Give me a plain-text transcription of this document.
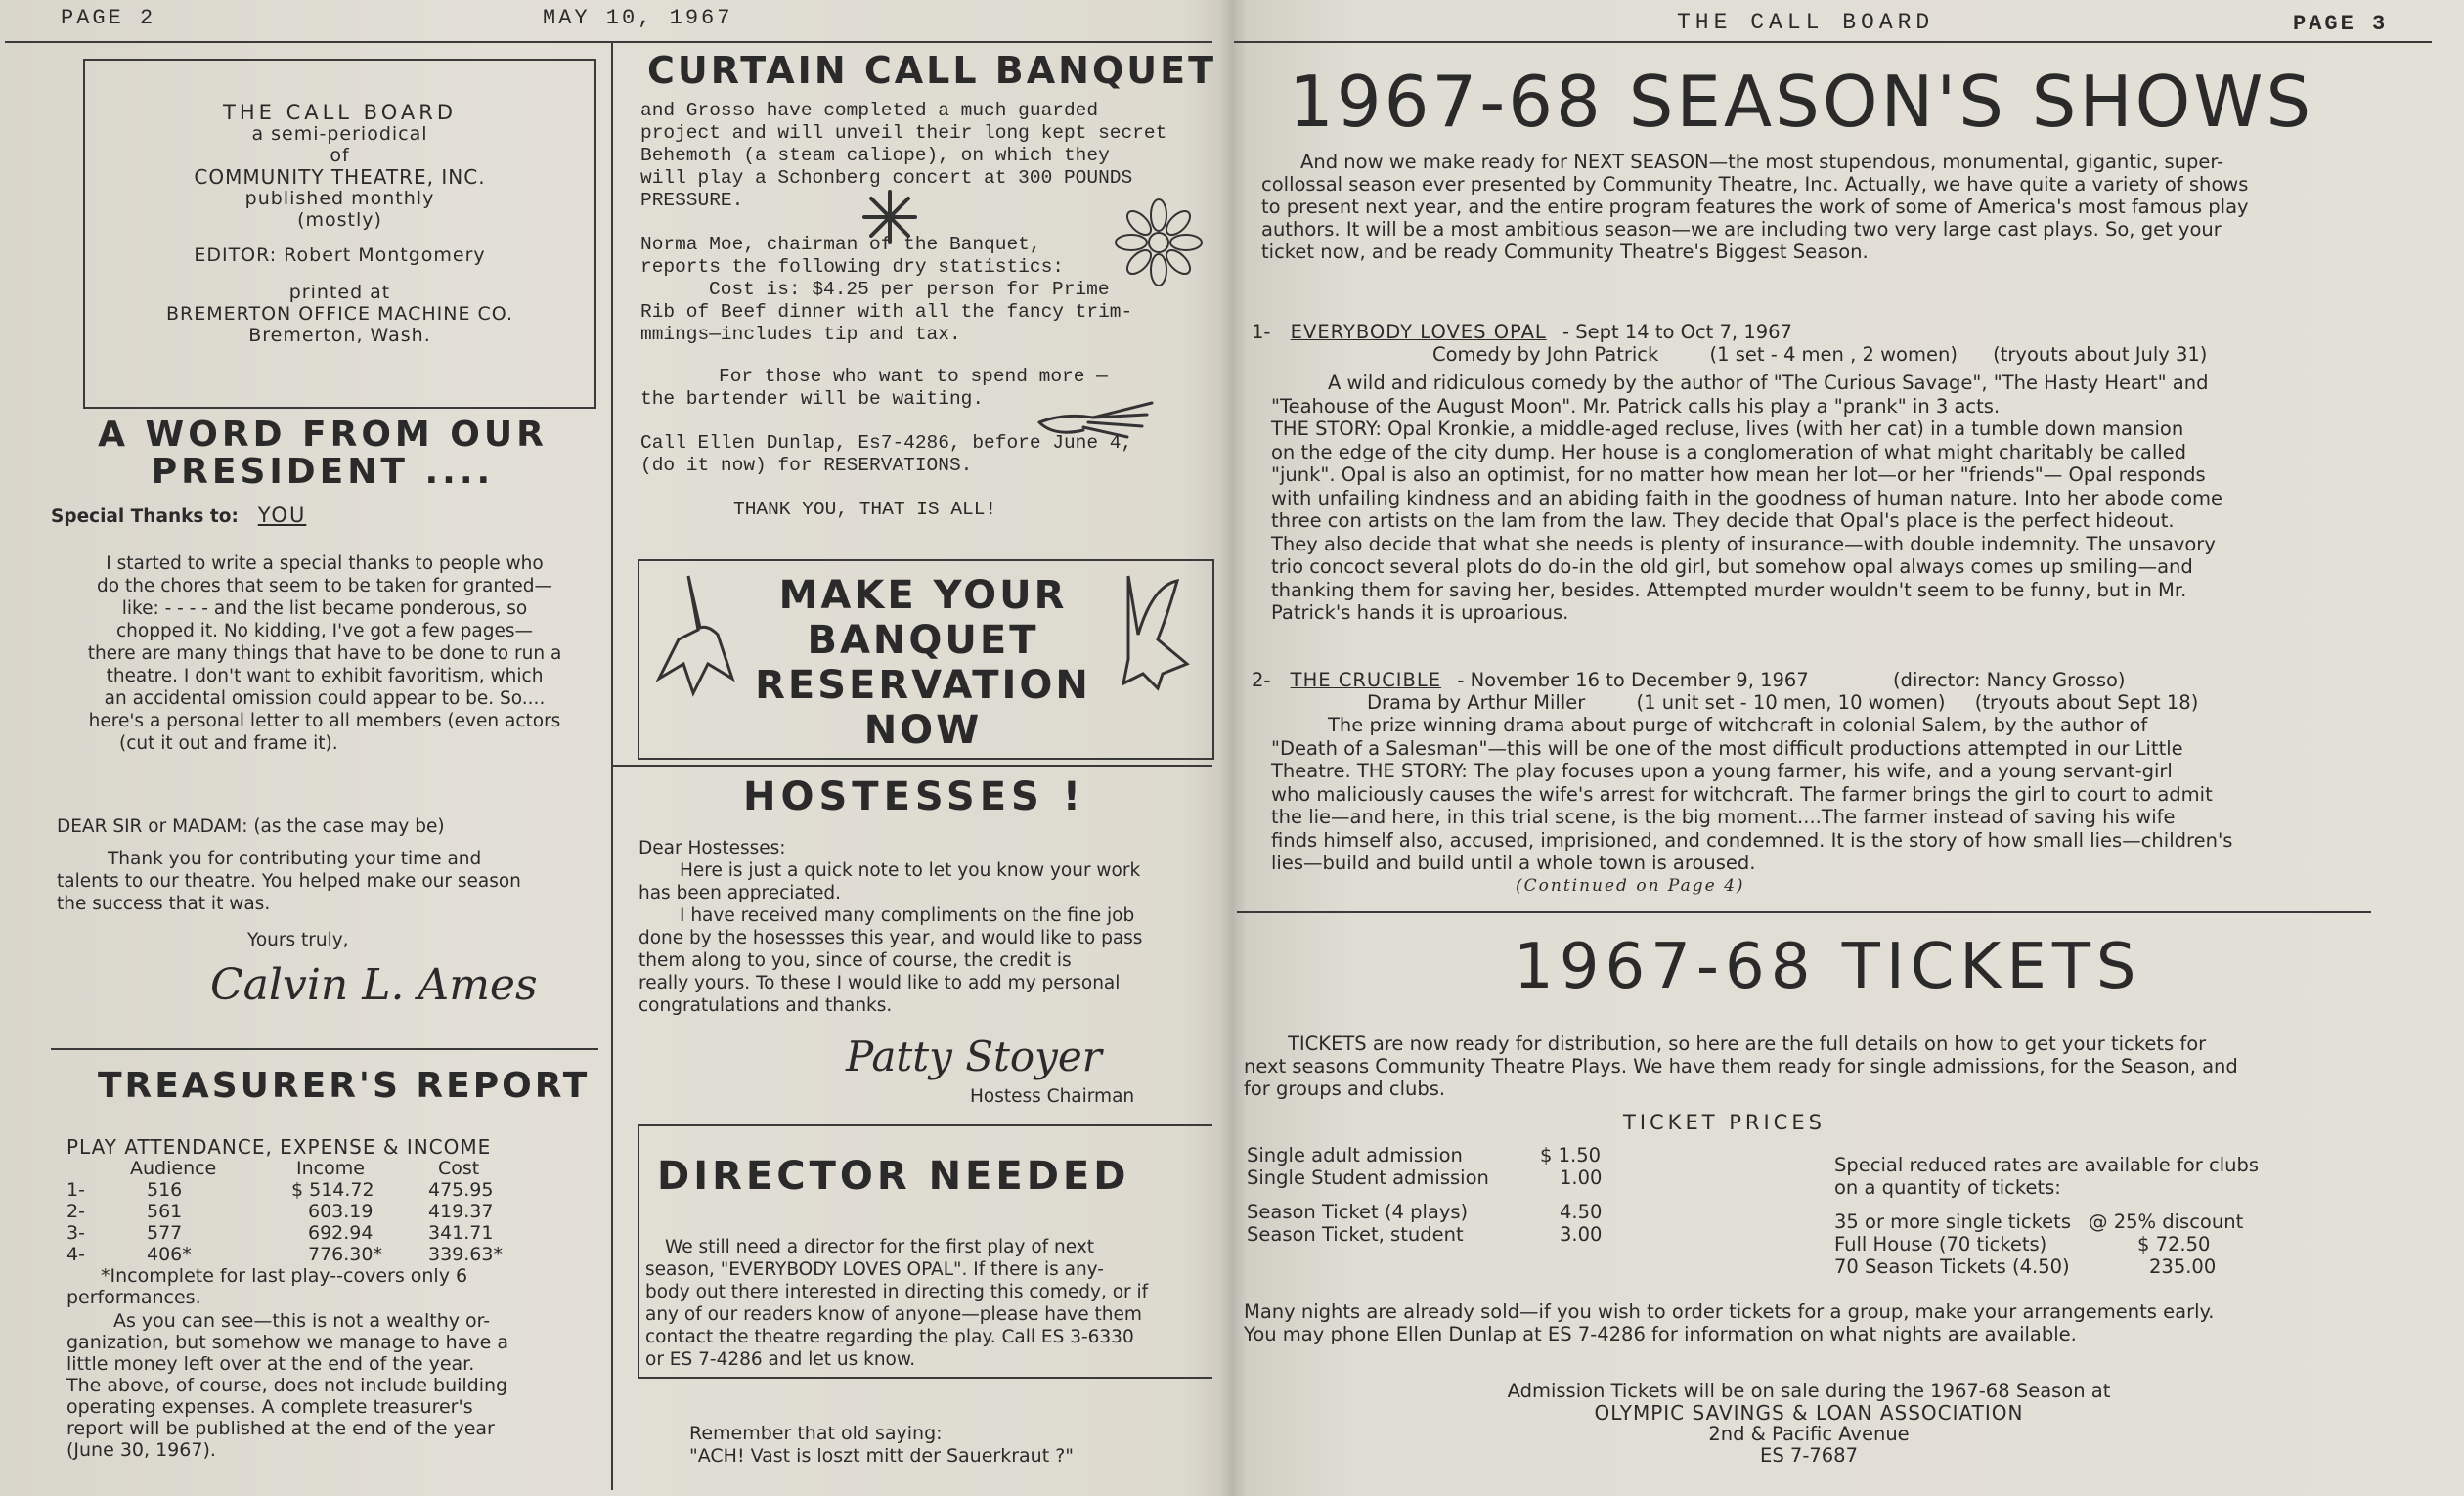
PAGE 2	MAY 10, 1967	THE CALL BOARD	PAGE 3

THE CALL BOARD

a semi-periodical

of

COMMUNITY THEATRE, INC.

published monthly

(mostly)

EDITOR: Robert Montgomery

printed at

BREMERTON OFFICE MACHINE CO.

Bremerton, Wash.

A WORD FROM OUR

PRESIDENT ....

Special Thanks to: YOU

I started to write a special thanks to people who

do the chores that seem to be taken for granted—

like: - - - - and the list became ponderous, so

chopped it. No kidding, I've got a few pages—

there are many things that have to be done to run a

theatre. I don't want to exhibit favoritism, which

an accidental omission could appear to be. So....

here's a personal letter to all members (even actors

(cut it out and frame it).

DEAR SIR or MADAM: (as the case may be)

Thank you for contributing your time and

talents to our theatre. You helped make our season

the success that it was.

Yours truly,

Calvin L. Ames
TREASURER'S REPORT

PLAY ATTENDANCE, EXPENSE & INCOME

Audience	Income	Cost
1-	516	$ 514.72	475.95
2-	561	603.19	419.37
3-	577	692.94	341.71
4-	406*	776.30*	339.63*

*Incomplete for last play--covers only 6

performances.

As you can see—this is not a wealthy or-

ganization, but somehow we manage to have a

little money left over at the end of the year.

The above, of course, does not include building

operating expenses. A complete treasurer's

report will be published at the end of the year

(June 30, 1967).

CURTAIN CALL BANQUET

and Grosso have completed a much guarded

project and will unveil their long kept secret

Behemoth (a steam caliope), on which they

will play a Schonberg concert at 300 POUNDS

PRESSURE.

Norma Moe, chairman of the Banquet,

reports the following dry statistics:

Cost is: $4.25 per person for Prime

Rib of Beef dinner with all the fancy trim-

mmings—includes tip and tax.

For those who want to spend more —

the bartender will be waiting.

Call Ellen Dunlap, Es7-4286, before June 4,

(do it now) for RESERVATIONS.

THANK YOU, THAT IS ALL!

MAKE YOUR

BANQUET

RESERVATION

NOW

HOSTESSES !

Dear Hostesses:

Here is just a quick note to let you know your work

has been appreciated.

I have received many compliments on the fine job

done by the hosessses this year, and would like to pass

them along to you, since of course, the credit is

really yours. To these I would like to add my personal

congratulations and thanks.

Patty Stoyer
Hostess Chairman
DIRECTOR NEEDED

We still need a director for the first play of next

season, "EVERYBODY LOVES OPAL". If there is any-

body out there interested in directing this comedy, or if

any of our readers know of anyone—please have them

contact the theatre regarding the play. Call ES 3-6330

or ES 7-4286 and let us know.

Remember that old saying:

"ACH! Vast is loszt mitt der Sauerkraut ?"

1967-68 SEASON'S SHOWS

And now we make ready for NEXT SEASON—the most stupendous, monumental, gigantic, super-

collossal season ever presented by Community Theatre, Inc. Actually, we have quite a variety of shows

to present next year, and the entire program features the work of some of America's most famous play

authors. It will be a most ambitious season—we are including two very large cast plays. So, get your

ticket now, and be ready Community Theatre's Biggest Season.

1- EVERYBODY LOVES OPAL - Sept 14 to Oct 7, 1967

Comedy by John Patrick	(1 set - 4 men , 2 women) (tryouts about July 31)

A wild and ridiculous comedy by the author of "The Curious Savage", "The Hasty Heart" and

"Teahouse of the August Moon". Mr. Patrick calls his play a "prank" in 3 acts.

THE STORY: Opal Kronkie, a middle-aged recluse, lives (with her cat) in a tumble down mansion

on the edge of the city dump. Her house is a conglomeration of what might charitably be called

"junk". Opal is also an optimist, for no matter how mean her lot—or her "friends"— Opal responds

with unfailing kindness and an abiding faith in the goodness of human nature. Into her abode come

three con artists on the lam from the law. They decide that Opal's place is the perfect hideout.

They also decide that what she needs is plenty of insurance—with double indemnity. The unsavory

trio concoct several plots do do-in the old girl, but somehow opal always comes up smiling—and

thanking them for saving her, besides. Attempted murder wouldn't seem to be funny, but in Mr.

Patrick's hands it is uproarious.

2- THE CRUCIBLE - November 16 to December 9, 1967	(director: Nancy Grosso)

Drama by Arthur Miller	(1 unit set - 10 men, 10 women) (tryouts about Sept 18)

The prize winning drama about purge of witchcraft in colonial Salem, by the author of

"Death of a Salesman"—this will be one of the most difficult productions attempted in our Little

Theatre. THE STORY: The play focuses upon a young farmer, his wife, and a young servant-girl

who maliciously causes the wife's arrest for witchcraft. The farmer brings the girl to court to admit

the lie—and here, in this trial scene, is the big moment....The farmer instead of saving his wife

finds himself also, accused, imprisioned, and condemned. It is the story of how small lies—children's

lies—build and build until a whole town is aroused.

(Continued on Page 4)

1967-68 TICKETS

TICKETS are now ready for distribution, so here are the full details on how to get your tickets for

next seasons Community Theatre Plays. We have them ready for single admissions, for the Season, and

for groups and clubs.

TICKET PRICES
Single adult admission	$ 1.50
Single Student admission	1.00
Season Ticket (4 plays)	4.50
Season Ticket, student	3.00

Special reduced rates are available for clubs

on a quantity of tickets:

35 or more single tickets @ 25% discount
Full House (70 tickets)	$ 72.50
70 Season Tickets (4.50)	235.00

Many nights are already sold—if you wish to order tickets for a group, make your arrangements early.

You may phone Ellen Dunlap at ES 7-4286 for information on what nights are available.

Admission Tickets will be on sale during the 1967-68 Season at

OLYMPIC SAVINGS & LOAN ASSOCIATION

2nd & Pacific Avenue

ES 7-7687
